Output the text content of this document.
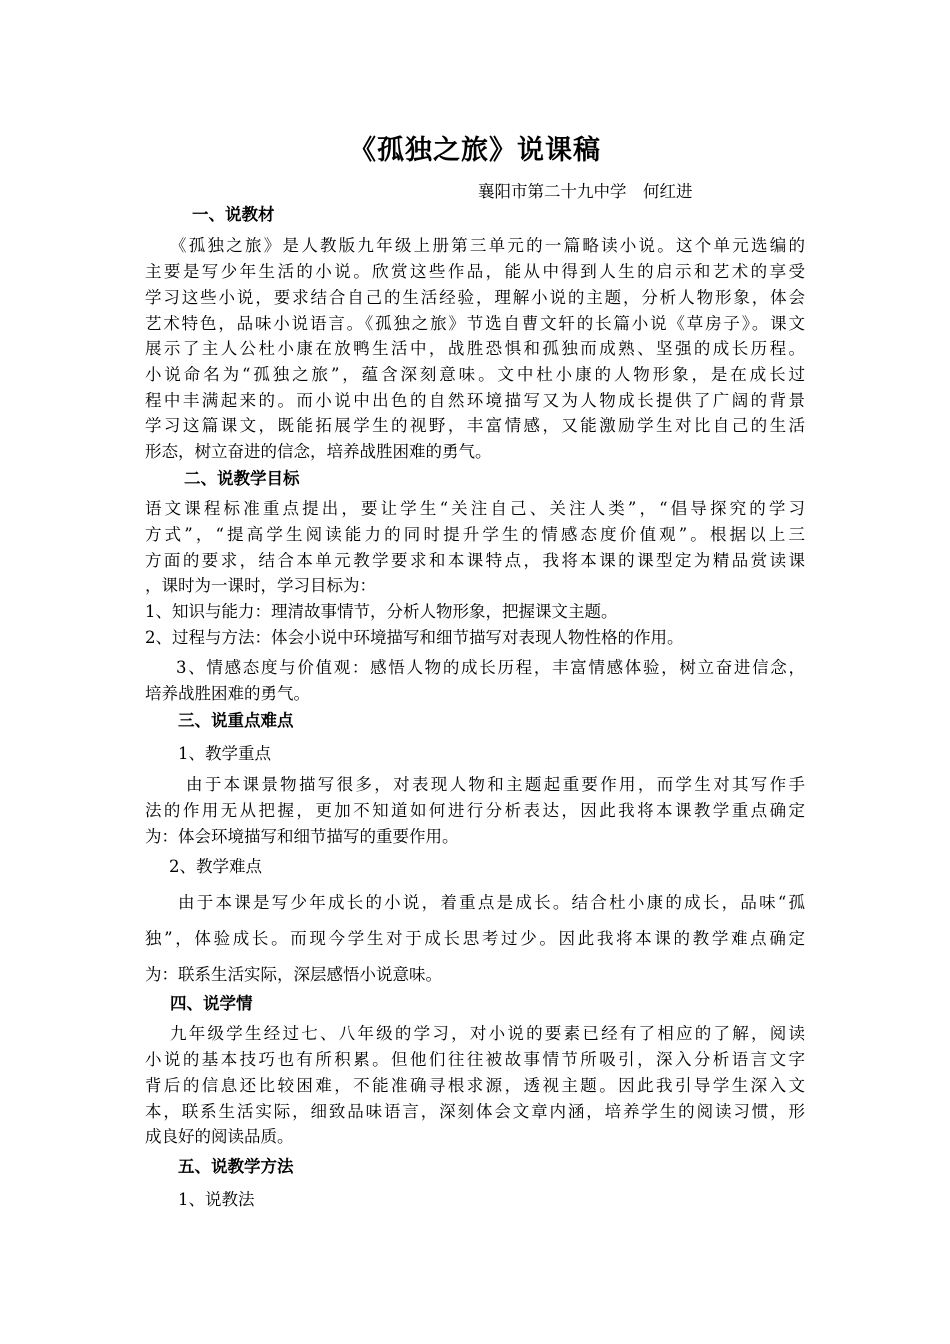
《孤独之旅》说课稿
襄阳市第二十九中学　何红进
一、说教材
《孤独之旅》是人教版九年级上册第三单元的一篇略读小说。这个单元选编的
主要是写少年生活的小说。欣赏这些作品，能从中得到人生的启示和艺术的享受
学习这些小说，要求结合自己的生活经验，理解小说的主题，分析人物形象，体会
艺术特色，品味小说语言。《孤独之旅》节选自曹文轩的长篇小说《草房子》。课文
展示了主人公杜小康在放鸭生活中，战胜恐惧和孤独而成熟、坚强的成长历程。
小说命名为“孤独之旅”，蕴含深刻意味。文中杜小康的人物形象，是在成长过
程中丰满起来的。而小说中出色的自然环境描写又为人物成长提供了广阔的背景
学习这篇课文，既能拓展学生的视野，丰富情感，又能激励学生对比自己的生活
形态，树立奋进的信念，培养战胜困难的勇气。
二、说教学目标
语文课程标准重点提出，要让学生“关注自己、关注人类”，“倡导探究的学习
方式”，“提高学生阅读能力的同时提升学生的情感态度价值观”。根据以上三
方面的要求，结合本单元教学要求和本课特点，我将本课的课型定为精品赏读课
，课时为一课时，学习目标为：
1、知识与能力：理清故事情节，分析人物形象，把握课文主题。
2、过程与方法：体会小说中环境描写和细节描写对表现人物性格的作用。
3、情感态度与价值观：感悟人物的成长历程，丰富情感体验，树立奋进信念，
培养战胜困难的勇气。
三、说重点难点
1、教学重点
由于本课景物描写很多，对表现人物和主题起重要作用，而学生对其写作手
法的作用无从把握，更加不知道如何进行分析表达，因此我将本课教学重点确定
为：体会环境描写和细节描写的重要作用。
2、教学难点
由于本课是写少年成长的小说，着重点是成长。结合杜小康的成长，品味“孤
独”，体验成长。而现今学生对于成长思考过少。因此我将本课的教学难点确定
为：联系生活实际，深层感悟小说意味。
四、说学情
九年级学生经过七、八年级的学习，对小说的要素已经有了相应的了解，阅读
小说的基本技巧也有所积累。但他们往往被故事情节所吸引，深入分析语言文字
背后的信息还比较困难，不能准确寻根求源，透视主题。因此我引导学生深入文
本，联系生活实际，细致品味语言，深刻体会文章内涵，培养学生的阅读习惯，形
成良好的阅读品质。
五、说教学方法
1、说教法
